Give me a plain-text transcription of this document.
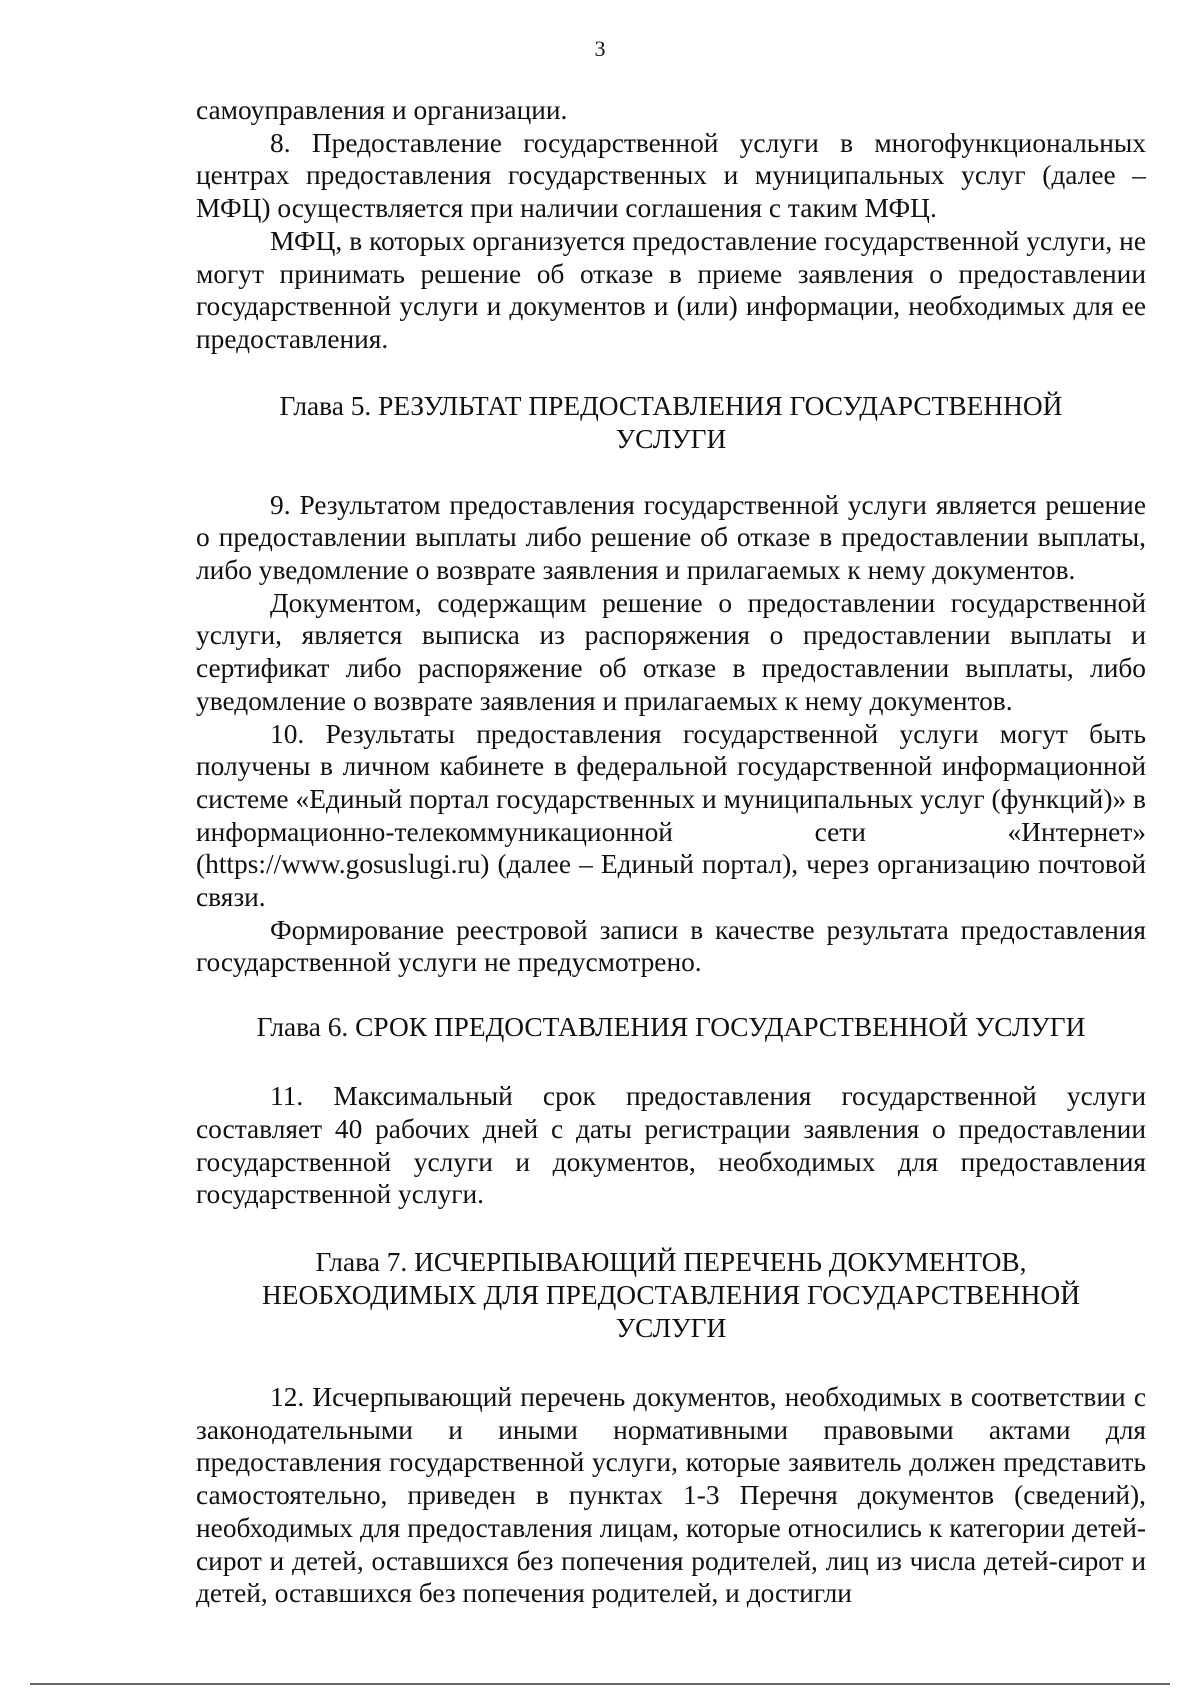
3

самоуправления и организации.

8. Предоставление государственной услуги в многофункциональных центрах предоставления государственных и муниципальных услуг (далее – МФЦ) осуществляется при наличии соглашения с таким МФЦ.

МФЦ, в которых организуется предоставление государственной услуги, не могут принимать решение об отказе в приеме заявления о предоставлении государственной услуги и документов и (или) информации, необходимых для ее предоставления.

Глава 5. РЕЗУЛЬТАТ ПРЕДОСТАВЛЕНИЯ ГОСУДАРСТВЕННОЙ
УСЛУГИ

9. Результатом предоставления государственной услуги является решение о предоставлении выплаты либо решение об отказе в предоставлении выплаты, либо уведомление о возврате заявления и прилагаемых к нему документов.

Документом, содержащим решение о предоставлении государственной услуги, является выписка из распоряжения о предоставлении выплаты и сертификат либо распоряжение об отказе в предоставлении выплаты, либо уведомление о возврате заявления и прилагаемых к нему документов.

10. Результаты предоставления государственной услуги могут быть получены в личном кабинете в федеральной государственной информационной системе «Единый портал государственных и муниципальных услуг (функций)» в информационно-телекоммуникационной сети «Интернет» (https://www.gosuslugi.ru) (далее – Единый портал), через организацию почтовой связи.

Формирование реестровой записи в качестве результата предоставления государственной услуги не предусмотрено.

Глава 6. СРОК ПРЕДОСТАВЛЕНИЯ ГОСУДАРСТВЕННОЙ УСЛУГИ

11. Максимальный срок предоставления государственной услуги составляет 40 рабочих дней с даты регистрации заявления о предоставлении государственной услуги и документов, необходимых для предоставления государственной услуги.

Глава 7. ИСЧЕРПЫВАЮЩИЙ ПЕРЕЧЕНЬ ДОКУМЕНТОВ,
НЕОБХОДИМЫХ ДЛЯ ПРЕДОСТАВЛЕНИЯ ГОСУДАРСТВЕННОЙ
УСЛУГИ

12. Исчерпывающий перечень документов, необходимых в соответствии с законодательными и иными нормативными правовыми актами для предоставления государственной услуги, которые заявитель должен представить самостоятельно, приведен в пунктах 1-3 Перечня документов (сведений), необходимых для предоставления лицам, которые относились к категории детей-сирот и детей, оставшихся без попечения родителей, лиц из числа детей-сирот и детей, оставшихся без попечения родителей, и достигли
